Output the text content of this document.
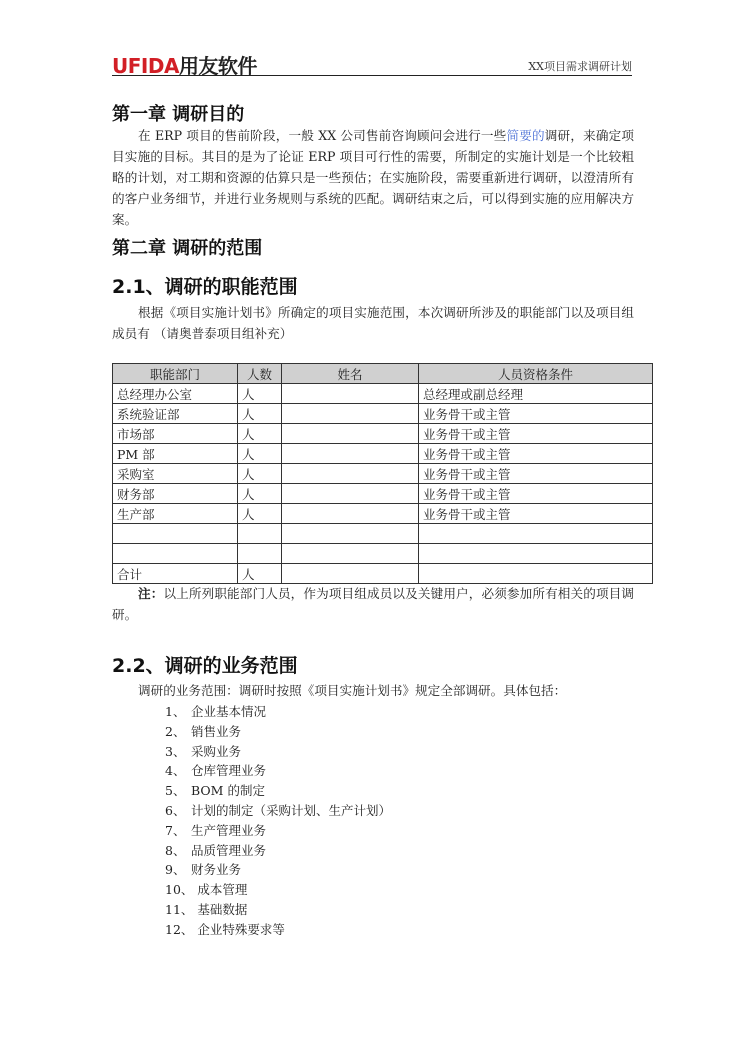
UFIDA用友软件	XX项目需求调研计划
第一章 调研目的

在 ERP 项目的售前阶段，一般 XX 公司售前咨询顾问会进行一些简要的调研，来确定项目实施的目标。其目的是为了论证 ERP 项目可行性的需要，所制定的实施计划是一个比较粗略的计划，对工期和资源的估算只是一些预估；在实施阶段，需要重新进行调研，以澄清所有的客户业务细节，并进行业务规则与系统的匹配。调研结束之后，可以得到实施的应用解决方案。

第二章 调研的范围
2.1、调研的职能范围

根据《项目实施计划书》所确定的项目实施范围，本次调研所涉及的职能部门以及项目组成员有 （请奥普泰项目组补充）

职能部门	人数	姓名	人员资格条件
总经理办公室	人		总经理或副总经理
系统验证部	人		业务骨干或主管
市场部	人		业务骨干或主管
PM 部	人		业务骨干或主管
采购室	人		业务骨干或主管
财务部	人		业务骨干或主管
生产部	人		业务骨干或主管

合计	人		

注：以上所列职能部门人员，作为项目组成员以及关键用户，必须参加所有相关的项目调研。

2.2、调研的业务范围

调研的业务范围：调研时按照《项目实施计划书》规定全部调研。具体包括：

1、 企业基本情况
2、 销售业务
3、 采购业务
4、 仓库管理业务
5、 BOM 的制定
6、 计划的制定（采购计划、生产计划）
7、 生产管理业务
8、 品质管理业务
9、 财务业务
10、 成本管理
11、 基础数据
12、 企业特殊要求等
